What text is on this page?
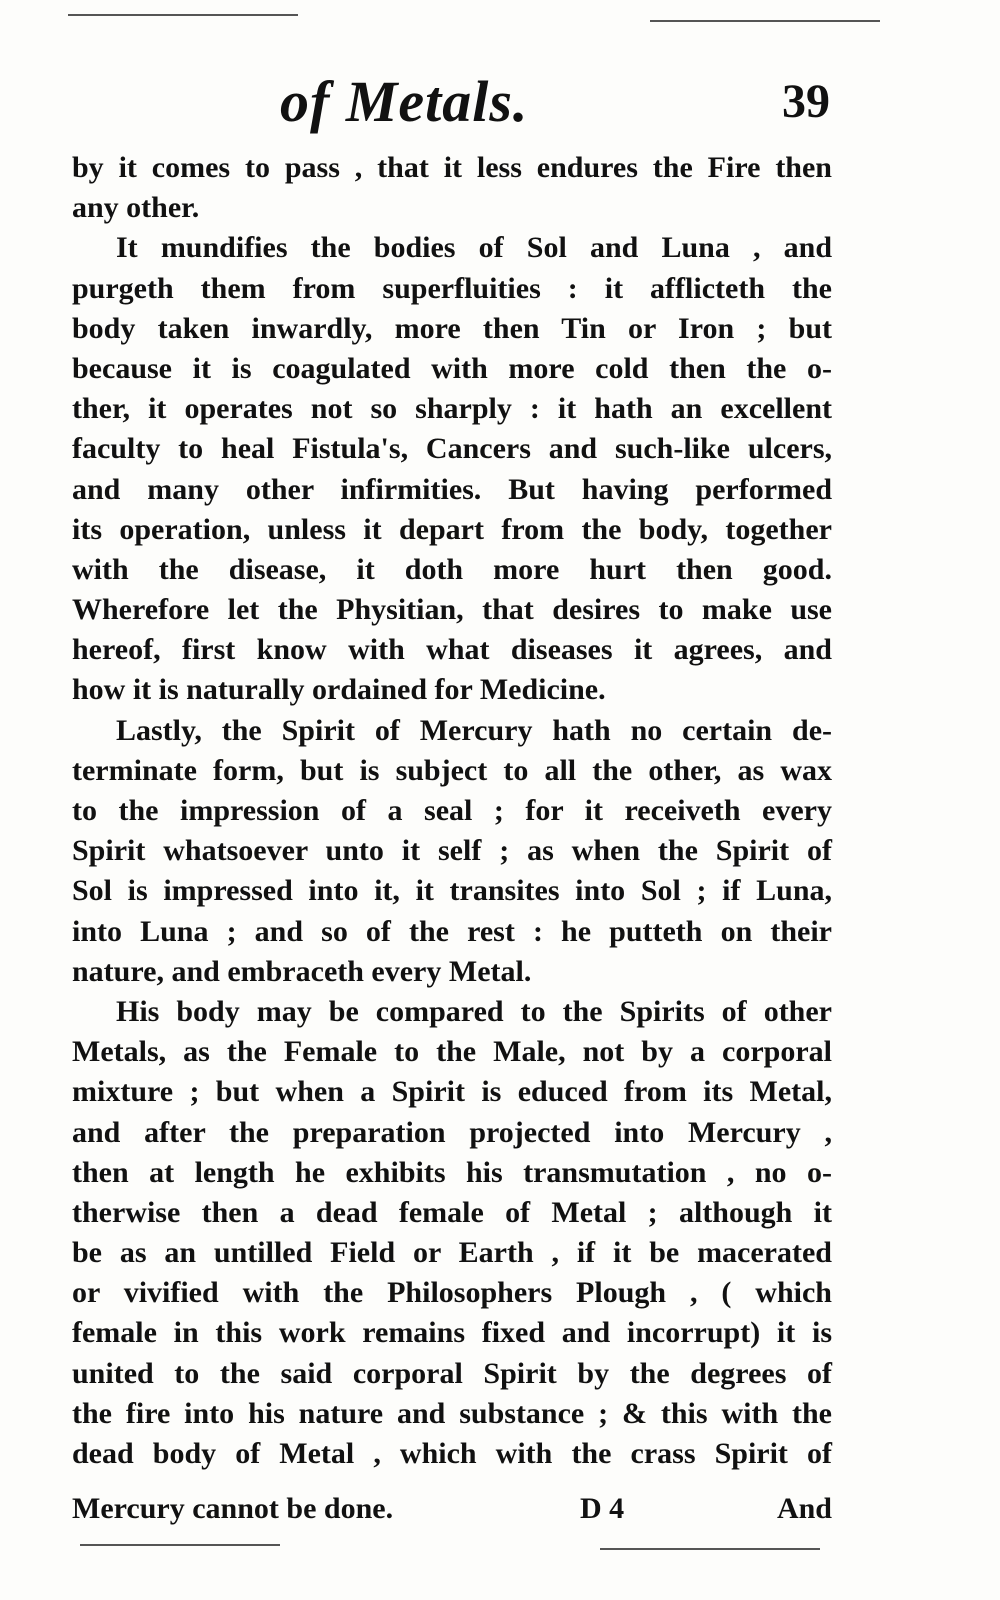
of Metals.	39
by it comes to pass , that it less endures the Fire then
any other.
It mundifies the bodies of Sol and Luna , and
purgeth them from superfluities : it afflicteth the
body taken inwardly, more then Tin or Iron ; but
because it is coagulated with more cold then the o-
ther, it operates not so sharply : it hath an excellent
faculty to heal Fistula's, Cancers and such-like ulcers,
and many other infirmities. But having performed
its operation, unless it depart from the body, together
with the disease, it doth more hurt then good.
Wherefore let the Physitian, that desires to make use
hereof, first know with what diseases it agrees, and
how it is naturally ordained for Medicine.
Lastly, the Spirit of Mercury hath no certain de-
terminate form, but is subject to all the other, as wax
to the impression of a seal ; for it receiveth every
Spirit whatsoever unto it self ; as when the Spirit of
Sol is impressed into it, it transites into Sol ; if Luna,
into Luna ; and so of the rest : he putteth on their
nature, and embraceth every Metal.
His body may be compared to the Spirits of other
Metals, as the Female to the Male, not by a corporal
mixture ; but when a Spirit is educed from its Metal,
and after the preparation projected into Mercury ,
then at length he exhibits his transmutation , no o-
therwise then a dead female of Metal ; although it
be as an untilled Field or Earth , if it be macerated
or vivified with the Philosophers Plough , ( which
female in this work remains fixed and incorrupt) it is
united to the said corporal Spirit by the degrees of
the fire into his nature and substance ; & this with the
dead body of Metal , which with the crass Spirit of
Mercury cannot be done.	D 4	And
